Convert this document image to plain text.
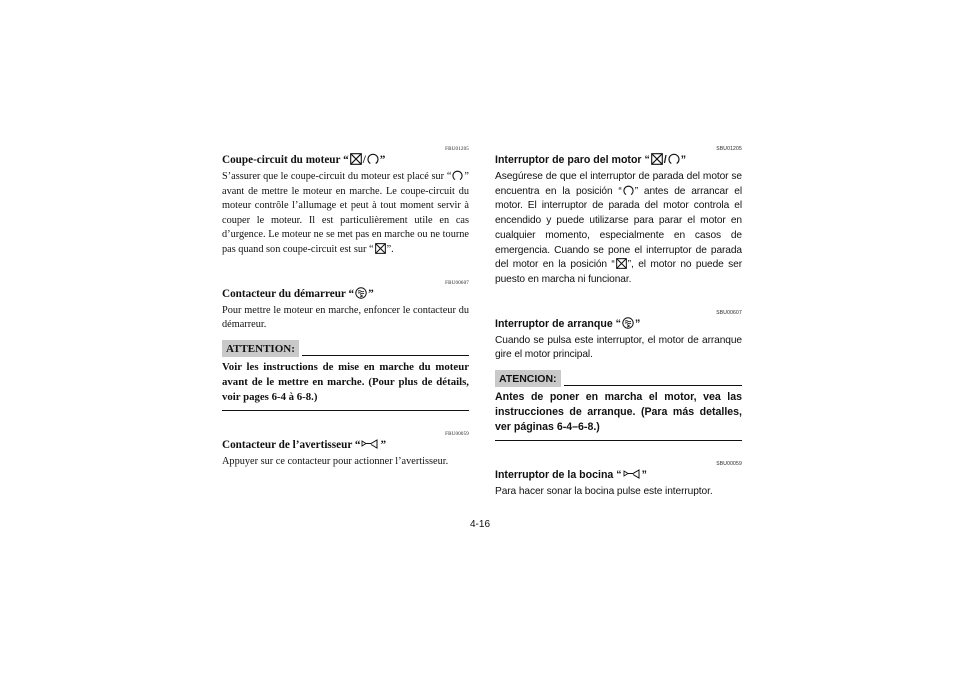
FBU01205

Coupe-circuit du moteur “ / ”

S’assurer que le coupe-circuit du moteur est placé sur “ ” avant de mettre le moteur en marche. Le coupe-circuit du moteur contrôle l’allumage et peut à tout moment servir à couper le moteur. Il est particulièrement utile en cas d’urgence. Le moteur ne se met pas en marche ou ne tourne pas quand son coupe-circuit est sur “ ”.

FBU00607

Contacteur du démarreur “ ”

Pour mettre le moteur en marche, enfoncer le contacteur du démarreur.

ATTENTION:

Voir les instructions de mise en marche du moteur avant de le mettre en marche. (Pour plus de détails, voir pages 6-4 à 6-8.)

FBU00059

Contacteur de l’avertisseur “ ”

Appuyer sur ce contacteur pour actionner l’avertisseur.

SBU01205

Interruptor de paro del motor “ / ”

Asegúrese de que el interruptor de parada del motor se encuentra en la posición “ ” antes de arrancar el motor. El interruptor de parada del motor controla el encendido y puede utilizarse para parar el motor en cualquier momento, especialmente en casos de emergencia. Cuando se pone el interruptor de parada del motor en la posición “ ”, el motor no puede ser puesto en marcha ni funcionar.

SBU00607

Interruptor de arranque “ ”

Cuando se pulsa este interruptor, el motor de arranque gire el motor principal.

ATENCION:

Antes de poner en marcha el motor, vea las instrucciones de arranque. (Para más detalles, ver páginas 6-4–6-8.)

SBU00059

Interruptor de la bocina “ ”

Para hacer sonar la bocina pulse este interruptor.

4-16
